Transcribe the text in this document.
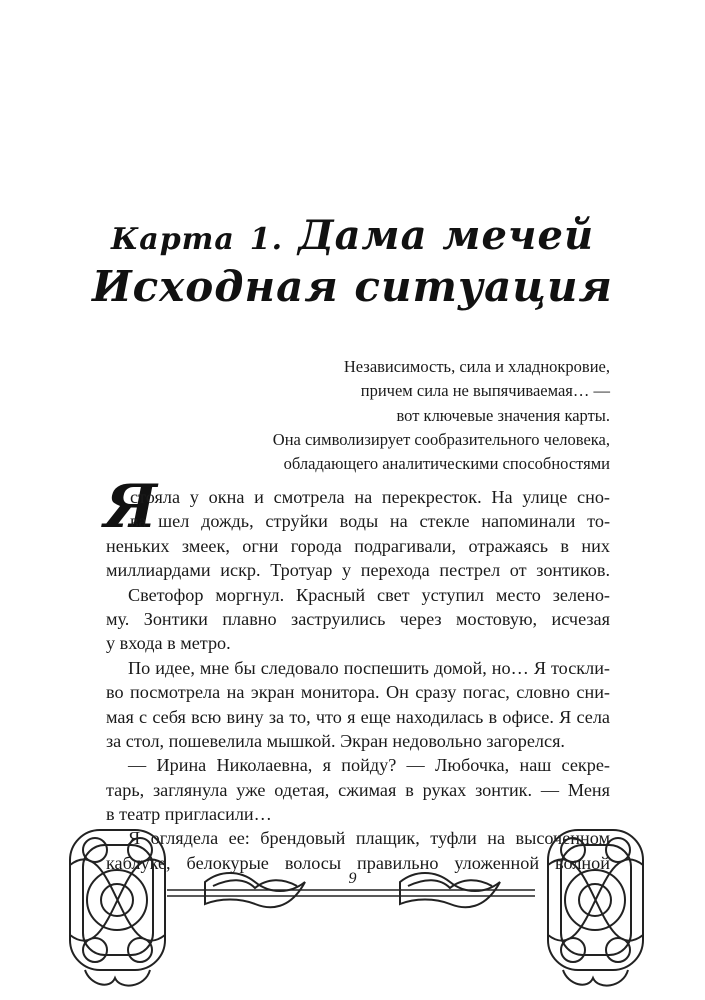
Карта 1. Дама мечей
Исходная ситуация
Независимость, сила и хладнокровие,
причем сила не выпячиваемая… —
вот ключевые значения карты.
Она символизирует сообразительного человека,
обладающего аналитическими способностями
Я
стояла у окна и смотрела на перекресток. На улице сно-
ва шел дождь, струйки воды на стекле напоминали то-
неньких змеек, огни города подрагивали, отражаясь в них
миллиардами искр. Тротуар у перехода пестрел от зонтиков.
Светофор моргнул. Красный свет уступил место зелено-
му. Зонтики плавно заструились через мостовую, исчезая
у входа в метро.
По идее, мне бы следовало поспешить домой, но… Я тоскли-
во посмотрела на экран монитора. Он сразу погас, словно сни-
мая с себя всю вину за то, что я еще находилась в офисе. Я села
за стол, пошевелила мышкой. Экран недовольно загорелся.
— Ирина Николаевна, я пойду? — Любочка, наш секре-
тарь, заглянула уже одетая, сжимая в руках зонтик. — Меня
в театр пригласили…
Я оглядела ее: брендовый плащик, туфли на высоченном
каблуке, белокурые волосы правильно уложенной волной
9
